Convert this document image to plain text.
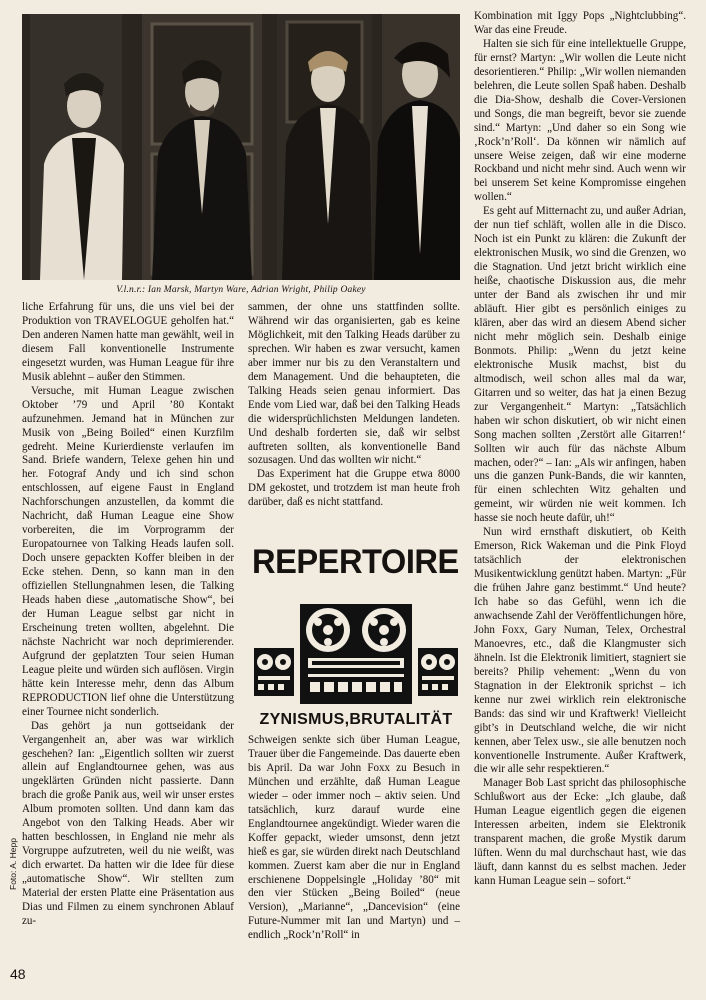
V.l.n.r.: Ian Marsk, Martyn Ware, Adrian Wright, Philip Oakey

liche Erfahrung für uns, die uns viel bei der Produktion von TRAVELOGUE geholfen hat.“ Den anderen Namen hatte man gewählt, weil in diesem Fall konventionelle Instrumente eingesetzt wurden, was Human League für ihre Musik ablehnt – außer den Stimmen.

Versuche, mit Human League zwischen Oktober ’79 und April ’80 Kontakt aufzunehmen. Jemand hat in München zur Musik von „Being Boiled“ einen Kurzfilm gedreht. Meine Kurierdienste verlaufen im Sand. Briefe wandern, Telexe gehen hin und her. Fotograf Andy und ich sind schon entschlossen, auf eigene Faust in England Nachforschungen anzustellen, da kommt die Nachricht, daß Human League eine Show vorbereiten, die im Vorprogramm der Europatournee von Talking Heads laufen soll. Doch unsere gepackten Koffer bleiben in der Ecke stehen. Denn, so kann man in den offiziellen Stellungnahmen lesen, die Talking Heads haben diese „automatische Show“, bei der Human League selbst gar nicht in Erscheinung treten wollten, abgelehnt. Die nächste Nachricht war noch deprimierender. Aufgrund der geplatzten Tour seien Human League pleite und würden sich auflösen. Virgin hätte kein Interesse mehr, denn das Album REPRODUCTION lief ohne die Unterstützung einer Tournee nicht sonderlich.

Das gehört ja nun gottseidank der Vergangenheit an, aber was war wirklich geschehen? Ian: „Eigentlich sollten wir zuerst allein auf Englandtournee gehen, was aus ungeklärten Gründen nicht passierte. Dann brach die große Panik aus, weil wir unser erstes Album promoten sollten. Und dann kam das Angebot von den Talking Heads. Aber wir hatten beschlossen, in England nie mehr als Vorgruppe aufzutreten, weil du nie weißt, was dich erwartet. Da hatten wir die Idee für diese „automatische Show“. Wir stellten zum Material der ersten Platte eine Präsentation aus Dias und Filmen zu einem synchronen Ablauf zu-

sammen, der ohne uns stattfinden sollte. Während wir das organisierten, gab es keine Möglichkeit, mit den Talking Heads darüber zu sprechen. Wir haben es zwar versucht, kamen aber immer nur bis zu den Veranstaltern und dem Management. Und die behaupteten, die Talking Heads seien genau informiert. Das Ende vom Lied war, daß bei den Talking Heads die widersprüchlichsten Meldungen landeten. Und deshalb forderten sie, daß wir selbst auftreten sollten, als konventionelle Band sozusagen. Und das wollten wir nicht.“

Das Experiment hat die Gruppe etwa 8000 DM gekostet, und trotzdem ist man heute froh darüber, daß es nicht stattfand.

REPERTOIRE
ZYNISMUS,BRUTALITÄT

Schweigen senkte sich über Human League, Trauer über die Fangemeinde. Das dauerte eben bis April. Da war John Foxx zu Besuch in München und erzählte, daß Human League wieder – oder immer noch – aktiv seien. Und tatsächlich, kurz darauf wurde eine Englandtournee angekündigt. Wieder waren die Koffer gepackt, wieder umsonst, denn jetzt hieß es gar, sie würden direkt nach Deutschland kommen. Zuerst kam aber die nur in England erschienene Doppelsingle „Holiday ’80“ mit den vier Stücken „Being Boiled“ (neue Version), „Marianne“, „Dancevision“ (eine Future-Nummer mit Ian und Martyn) und – endlich „Rock’n’Roll“ in

Kombination mit Iggy Pops „Nightclubbing“. War das eine Freude.

Halten sie sich für eine intellektuelle Gruppe, für ernst? Martyn: „Wir wollen die Leute nicht desorientieren.“ Philip: „Wir wollen niemanden belehren, die Leute sollen Spaß haben. Deshalb die Dia-Show, deshalb die Cover-Versionen und Songs, die man begreift, bevor sie zuende sind.“ Martyn: „Und daher so ein Song wie ‚Rock’n’Roll‘. Da können wir nämlich auf unsere Weise zeigen, daß wir eine moderne Rockband und nicht mehr sind. Auch wenn wir bei unserem Set keine Kompromisse eingehen wollen.“

Es geht auf Mitternacht zu, und außer Adrian, der nun tief schläft, wollen alle in die Disco. Noch ist ein Punkt zu klären: die Zukunft der elektronischen Musik, wo sind die Grenzen, wo die Stagnation. Und jetzt bricht wirklich eine heiße, chaotische Diskussion aus, die mehr unter der Band als zwischen ihr und mir abläuft. Hier gibt es persönlich einiges zu klären, aber das wird an diesem Abend sicher nicht mehr möglich sein. Deshalb einige Bonmots. Philip: „Wenn du jetzt keine elektronische Musik machst, bist du altmodisch, weil schon alles mal da war, Gitarren und so weiter, das hat ja einen Bezug zur Vergangenheit.“ Martyn: „Tatsächlich haben wir schon diskutiert, ob wir nicht einen Song machen sollten ‚Zerstört alle Gitarren!‘ Sollten wir auch für das nächste Album machen, oder?“ – Ian: „Als wir anfingen, haben uns die ganzen Punk-Bands, die wir kannten, für einen schlechten Witz gehalten und gemeint, wir würden nie weit kommen. Ich hasse sie noch heute dafür, uh!“

Nun wird ernsthaft diskutiert, ob Keith Emerson, Rick Wakeman und die Pink Floyd tatsächlich der elektronischen Musikentwicklung genützt haben. Martyn: „Für die frühen Jahre ganz bestimmt.“ Und heute? Ich habe so das Gefühl, wenn ich die anwachsende Zahl der Veröffentlichungen höre, John Foxx, Gary Numan, Telex, Orchestral Manoevres, etc., daß die Klangmuster sich ähneln. Ist die Elektronik limitiert, stagniert sie bereits? Philip vehement: „Wenn du von Stagnation in der Elektronik sprichst – ich kenne nur zwei wirklich rein elektronische Bands: das sind wir und Kraftwerk! Vielleicht gibt’s in Deutschland welche, die wir nicht kennen, aber Telex usw., sie alle benutzen noch konventionelle Instrumente. Außer Kraftwerk, die wir alle sehr respektieren.“

Manager Bob Last spricht das philosophische Schlußwort aus der Ecke: „Ich glaube, daß Human League eigentlich gegen die eigenen Interessen arbeiten, indem sie Elektronik transparent machen, die große Mystik darum lüften. Wenn du mal durchschaut hast, wie das läuft, dann kannst du es selbst machen. Jeder kann Human League sein – sofort.“

Foto: A. Hepp
48
